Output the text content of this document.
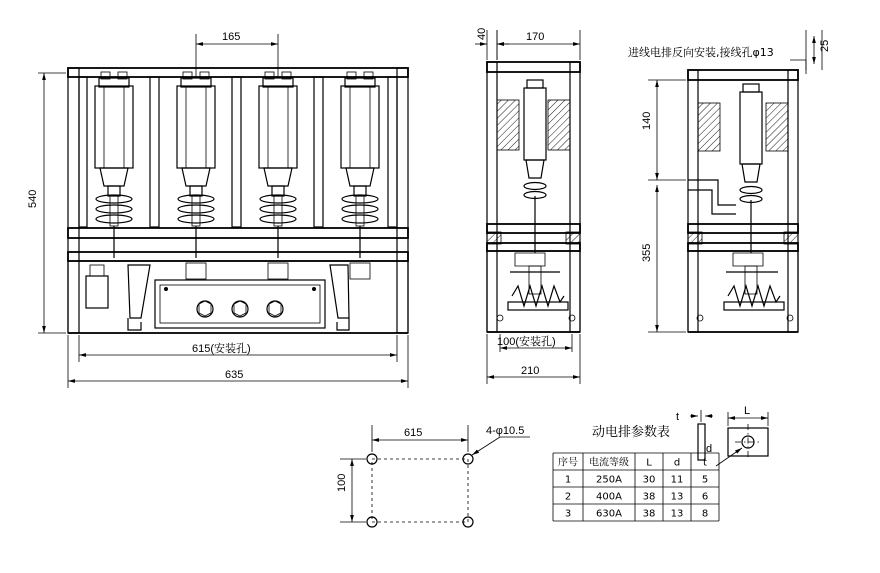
165
540
615(安装孔)
635
40	170
100(安装孔)
210
进线电排反向安装,接线孔φ13
25
140
355
615
100
4-φ10.5
t	L
d
动电排参数表
序号 电流等级 L d t
1 250A 30 11 5
2 400A 38 13 6
3 630A 38 13 8
